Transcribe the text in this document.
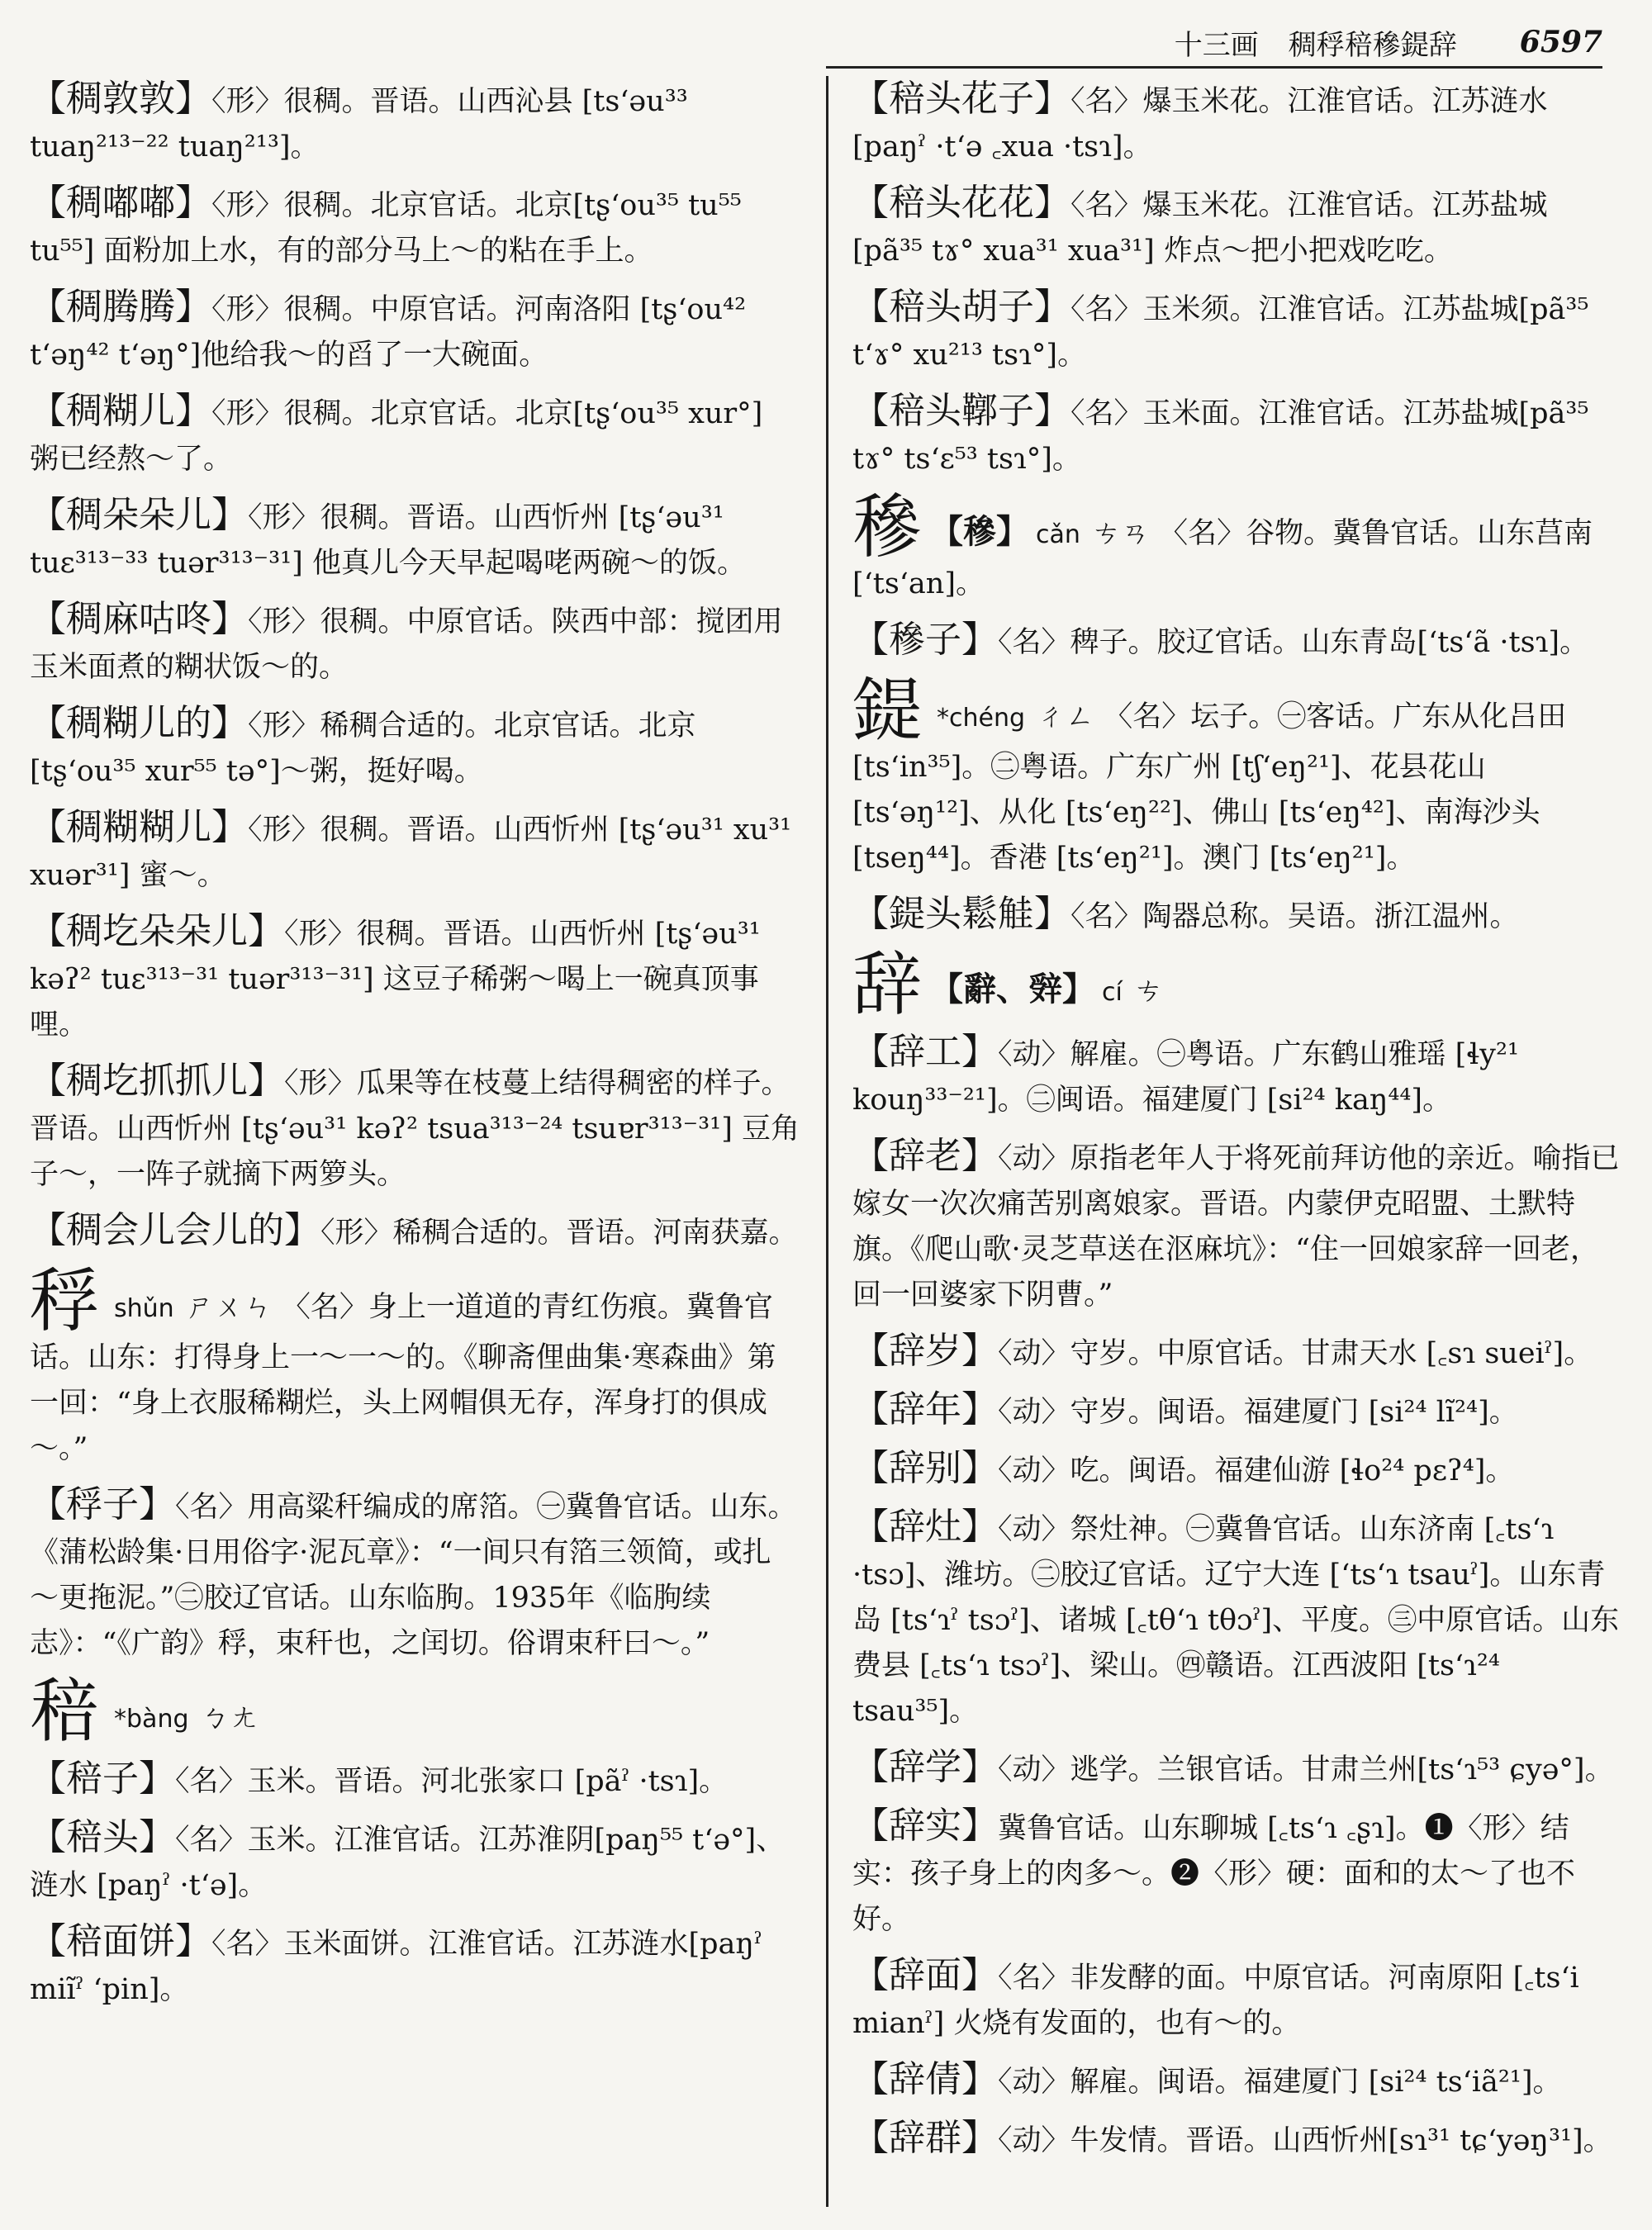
十三画 稠稃稖穇鍉辞 6597
【 稠敦敦 】 〈形〉很稠。晋语。山西沁县 [tsʻəu³³ tuaŋ²¹³⁻²² tuaŋ²¹³]。
【 稠嘟嘟 】 〈形〉很稠。北京官话。北京[tʂʻou³⁵ tu⁵⁵ tu⁵⁵] 面粉加上水，有的部分马上～的粘在手上。
【 稠腾腾 】 〈形〉很稠。中原官话。河南洛阳 [tʂʻou⁴² tʻəŋ⁴² tʻəŋ°]他给我～的舀了一大碗面。
【 稠糊儿 】 〈形〉很稠。北京官话。北京[tʂʻou³⁵ xur°] 粥已经熬～了。
【 稠朵朵儿 】 〈形〉很稠。晋语。山西忻州 [tʂʻəu³¹ tuɛ³¹³⁻³³ tuər³¹³⁻³¹] 他真儿今天早起喝咾两碗～的饭。
【 稠麻咕咚 】 〈形〉很稠。中原官话。陕西中部：搅团用玉米面煮的糊状饭～的。
【 稠糊儿的 】 〈形〉稀稠合适的。北京官话。北京 [tʂʻou³⁵ xur⁵⁵ tə°]～粥，挺好喝。
【 稠糊糊儿 】 〈形〉很稠。晋语。山西忻州 [tʂʻəu³¹ xu³¹ xuər³¹] 蜜～。
【 稠圪朵朵儿 】 〈形〉很稠。晋语。山西忻州 [tʂʻəu³¹ kəʔ² tuɛ³¹³⁻³¹ tuər³¹³⁻³¹] 这豆子稀粥～喝上一碗真顶事哩。
【 稠圪抓抓儿 】 〈形〉瓜果等在枝蔓上结得稠密的样子。晋语。山西忻州 [tʂʻəu³¹ kəʔ² tsua³¹³⁻²⁴ tsuɐr³¹³⁻³¹] 豆角子～，一阵子就摘下两箩头。
【 稠会儿会儿的 】 〈形〉稀稠合适的。晋语。河南获嘉。
稃shǔn ㄕㄨㄣ 〈名〉身上一道道的青红伤痕。冀鲁官话。山东：打得身上一～一～的。《聊斋俚曲集·寒森曲》第一回：“身上衣服稀糊烂，头上网帽俱无存，浑身打的俱成～。”
【 稃子 】 〈名〉用高粱秆编成的席箔。㊀冀鲁官话。山东。《蒲松龄集·日用俗字·泥瓦章》：“一间只有箔三领简，或扎～更拖泥。”㊁胶辽官话。山东临朐。1935年《临朐续志》：“《广韵》稃，束秆也，之闰切。俗谓束秆曰～。”
稖 *bàng ㄅㄤ
【 稖子 】 〈名〉玉米。晋语。河北张家口 [pãˀ ·tsɿ]。
【 稖头 】 〈名〉玉米。江淮官话。江苏淮阴[paŋ⁵⁵ tʻə°]、涟水 [paŋˀ ·tʻə]。
【 稖面饼 】 〈名〉玉米面饼。江淮官话。江苏涟水[paŋˀ miĩˀ ʻpin]。
【 稖头花子 】 〈名〉爆玉米花。江淮官话。江苏涟水 [paŋˀ ·tʻə ꜀xua ·tsɿ]。
【 稖头花花 】 〈名〉爆玉米花。江淮官话。江苏盐城 [pã³⁵ tɤ° xua³¹ xua³¹] 炸点～把小把戏吃吃。
【 稖头胡子 】 〈名〉玉米须。江淮官话。江苏盐城[pã³⁵ tʻɤ° xu²¹³ tsɿ°]。
【 稖头鞹子 】 〈名〉玉米面。江淮官话。江苏盐城[pã³⁵ tɤ° tsʻɛ⁵³ tsɿ°]。
穇 【穇】 cǎn ㄘㄢ 〈名〉谷物。冀鲁官话。山东莒南 [ʻtsʻan]。
【 穇子 】 〈名〉稗子。胶辽官话。山东青岛[ʻtsʻã ·tsɿ]。
鍉 *chéng ㄔㄥ 〈名〉坛子。㊀客话。广东从化吕田 [tsʻin³⁵]。㊁粤语。广东广州 [tʃʻeŋ²¹]、花县花山 [tsʻəŋ¹²]、从化 [tsʻeŋ²²]、佛山 [tsʻeŋ⁴²]、南海沙头 [tseŋ⁴⁴]。香港 [tsʻeŋ²¹]。澳门 [tsʻeŋ²¹]。
【 鍉头鬆觟 】 〈名〉陶器总称。吴语。浙江温州。
辞 【辭、辤】 cí ㄘ
【 辞工 】 〈动〉解雇。㊀粤语。广东鹤山雅瑶 [ɬy²¹ kouŋ³³⁻²¹]。㊁闽语。福建厦门 [si²⁴ kaŋ⁴⁴]。
【 辞老 】 〈动〉原指老年人于将死前拜访他的亲近。喻指已嫁女一次次痛苦别离娘家。晋语。内蒙伊克昭盟、土默特旗。《爬山歌·灵芝草送在沤麻坑》：“住一回娘家辞一回老，回一回婆家下阴曹。”
【 辞岁 】 〈动〉守岁。中原官话。甘肃天水 [꜀sɿ sueiˀ]。
【 辞年 】 〈动〉守岁。闽语。福建厦门 [si²⁴ lĩ²⁴]。
【 辞别 】 〈动〉吃。闽语。福建仙游 [ɬo²⁴ pɛʔ⁴]。
【 辞灶 】 〈动〉祭灶神。㊀冀鲁官话。山东济南 [꜀tsʻɿ ·tsɔ]、潍坊。㊁胶辽官话。辽宁大连 [ʻtsʻɿ tsauˀ]。山东青岛 [tsʻɿˀ tsɔˀ]、诸城 [꜀tθʻɿ tθɔˀ]、平度。㊂中原官话。山东费县 [꜀tsʻɿ tsɔˀ]、梁山。㊃赣语。江西波阳 [tsʻɿ²⁴ tsau³⁵]。
【 辞学 】 〈动〉逃学。兰银官话。甘肃兰州[tsʻɿ⁵³ ɕyə°]。
【 辞实 】 冀鲁官话。山东聊城 [꜀tsʻɿ ꜀ʂɿ]。❶〈形〉结实：孩子身上的肉多～。❷〈形〉硬：面和的太～了也不好。
【 辞面 】 〈名〉非发酵的面。中原官话。河南原阳 [꜀tsʻi mianˀ] 火烧有发面的，也有～的。
【 辞倩 】 〈动〉解雇。闽语。福建厦门 [si²⁴ tsʻiã²¹]。
【 辞群 】 〈动〉牛发情。晋语。山西忻州[sɿ³¹ tɕʻyəŋ³¹]。
